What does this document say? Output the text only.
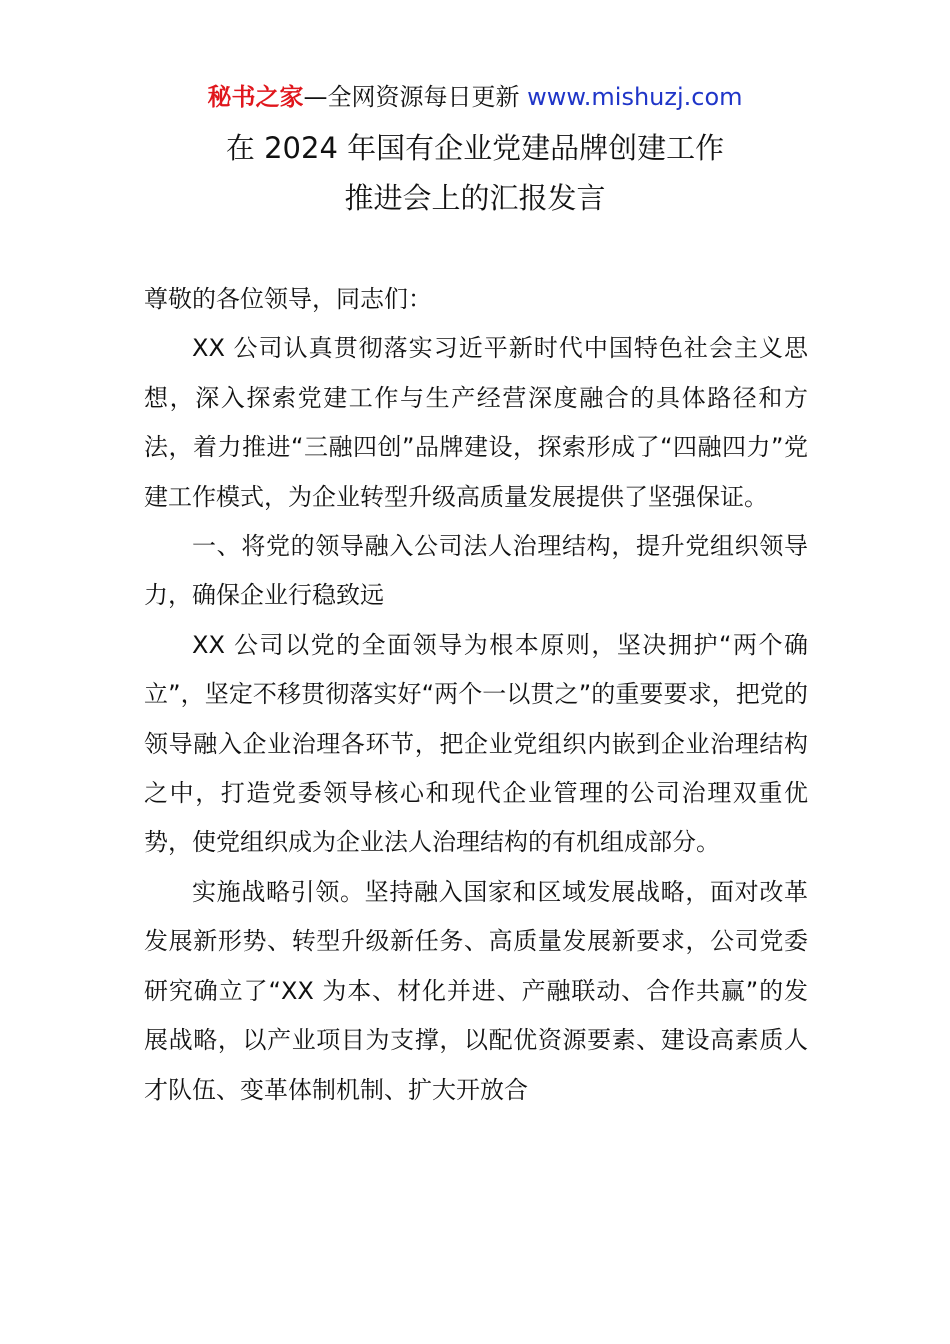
秘书之家—全网资源每日更新 www.mishuzj.com
在 2024 年国有企业党建品牌创建工作
推进会上的汇报发言

尊敬的各位领导，同志们：

XX 公司认真贯彻落实习近平新时代中国特色社会主义思想，深入探索党建工作与生产经营深度融合的具体路径和方法，着力推进“三融四创”品牌建设，探索形成了“四融四力”党建工作模式，为企业转型升级高质量发展提供了坚强保证。

一、将党的领导融入公司法人治理结构，提升党组织领导力，确保企业行稳致远

XX 公司以党的全面领导为根本原则，坚决拥护“两个确立”，坚定不移贯彻落实好“两个一以贯之”的重要要求，把党的领导融入企业治理各环节，把企业党组织内嵌到企业治理结构之中，打造党委领导核心和现代企业管理的公司治理双重优势，使党组织成为企业法人治理结构的有机组成部分。

实施战略引领。坚持融入国家和区域发展战略，面对改革发展新形势、转型升级新任务、高质量发展新要求，公司党委研究确立了“XX 为本、材化并进、产融联动、合作共赢”的发展战略，以产业项目为支撑，以配优资源要素、建设高素质人才队伍、变革体制机制、扩大开放合
